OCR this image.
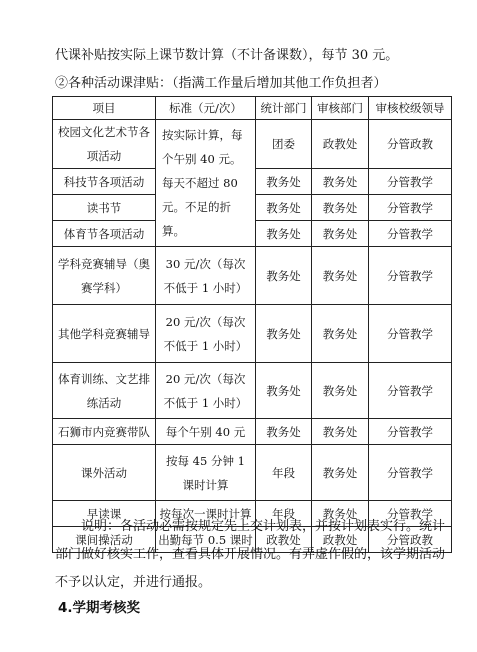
代课补贴按实际上课节数计算（不计备课数），每节 30 元。
②各种活动课津贴：（指满工作量后增加其他工作负担者）
项目	标准（元/次）	统计部门	审核部门	审核校级领导
校园文化艺术节各项活动	按实际计算，每个午别 40 元。每天不超过 80 元。不足的折算。	团委	政教处	分管政教
科技节各项活动		教务处	教务处	分管教学
读书节		教务处	教务处	分管教学
体育节各项活动		教务处	教务处	分管教学
学科竞赛辅导（奥赛学科）	30 元/次（每次不低于 1 小时）	教务处	教务处	分管教学
其他学科竞赛辅导	20 元/次（每次不低于 1 小时）	教务处	教务处	分管教学
体育训练、文艺排练活动	20 元/次（每次不低于 1 小时）	教务处	教务处	分管教学
石狮市内竞赛带队	每个午别 40 元	教务处	教务处	分管教学
课外活动	按每 45 分钟 1 课时计算	年段	教务处	分管教学
早读课	按每次一课时计算	年段	教务处	分管教学
课间操活动	出勤每节 0.5 课时	政教处	政教处	分管政教
说明：各活动必需按规定先上交计划表，并按计划表实行。统计部门做好核实工作，查看具体开展情况。有弄虚作假的，该学期活动不予以认定，并进行通报。
4.学期考核奖
